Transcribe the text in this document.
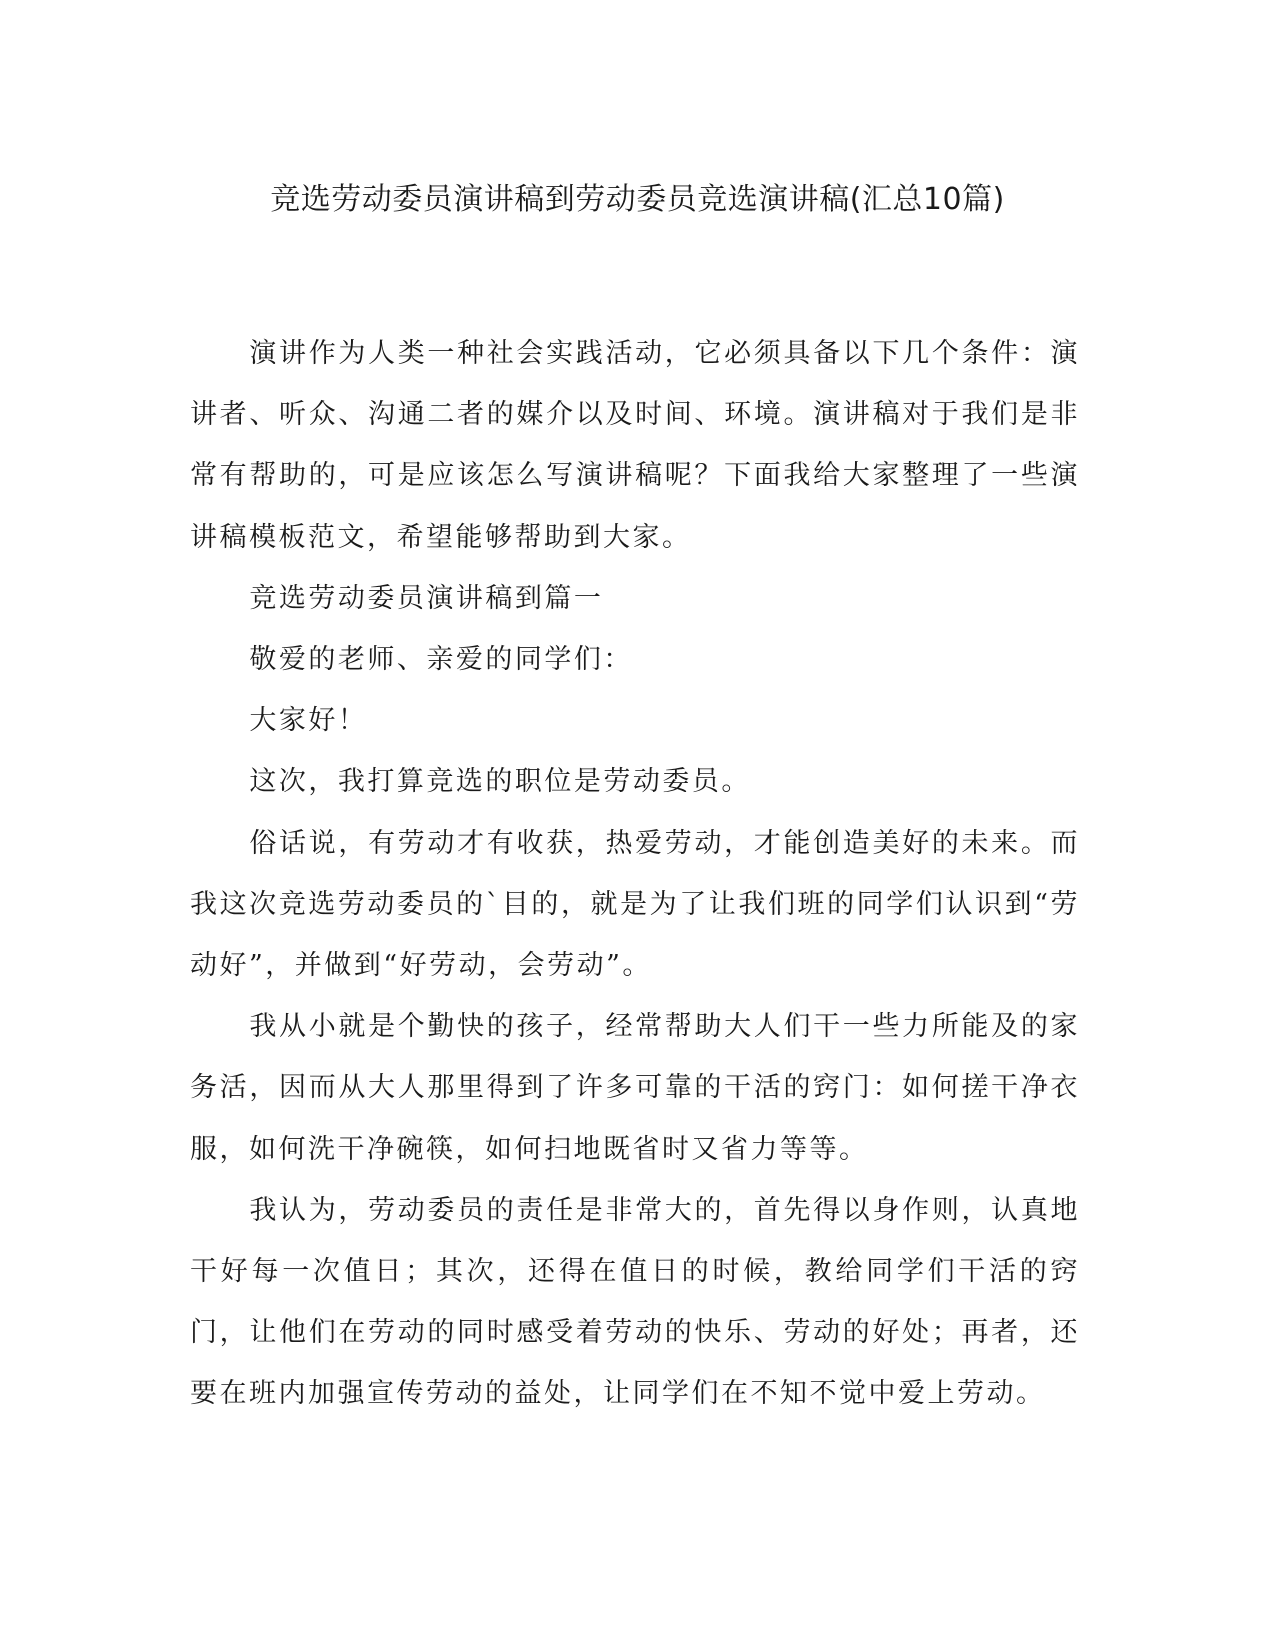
竞选劳动委员演讲稿到劳动委员竞选演讲稿(汇总10篇)

演讲作为人类一种社会实践活动，它必须具备以下几个条件：演讲者、听众、沟通二者的媒介以及时间、环境。演讲稿对于我们是非常有帮助的，可是应该怎么写演讲稿呢？下面我给大家整理了一些演讲稿模板范文，希望能够帮助到大家。

竞选劳动委员演讲稿到篇一

敬爱的老师、亲爱的同学们：

大家好！

这次，我打算竞选的职位是劳动委员。

俗话说，有劳动才有收获，热爱劳动，才能创造美好的未来。而我这次竞选劳动委员的`目的，就是为了让我们班的同学们认识到“劳动好”，并做到“好劳动，会劳动”。

我从小就是个勤快的孩子，经常帮助大人们干一些力所能及的家务活，因而从大人那里得到了许多可靠的干活的窍门：如何搓干净衣服，如何洗干净碗筷，如何扫地既省时又省力等等。

我认为，劳动委员的责任是非常大的，首先得以身作则，认真地干好每一次值日；其次，还得在值日的时候，教给同学们干活的窍门，让他们在劳动的同时感受着劳动的快乐、劳动的好处；再者，还要在班内加强宣传劳动的益处，让同学们在不知不觉中爱上劳动。
